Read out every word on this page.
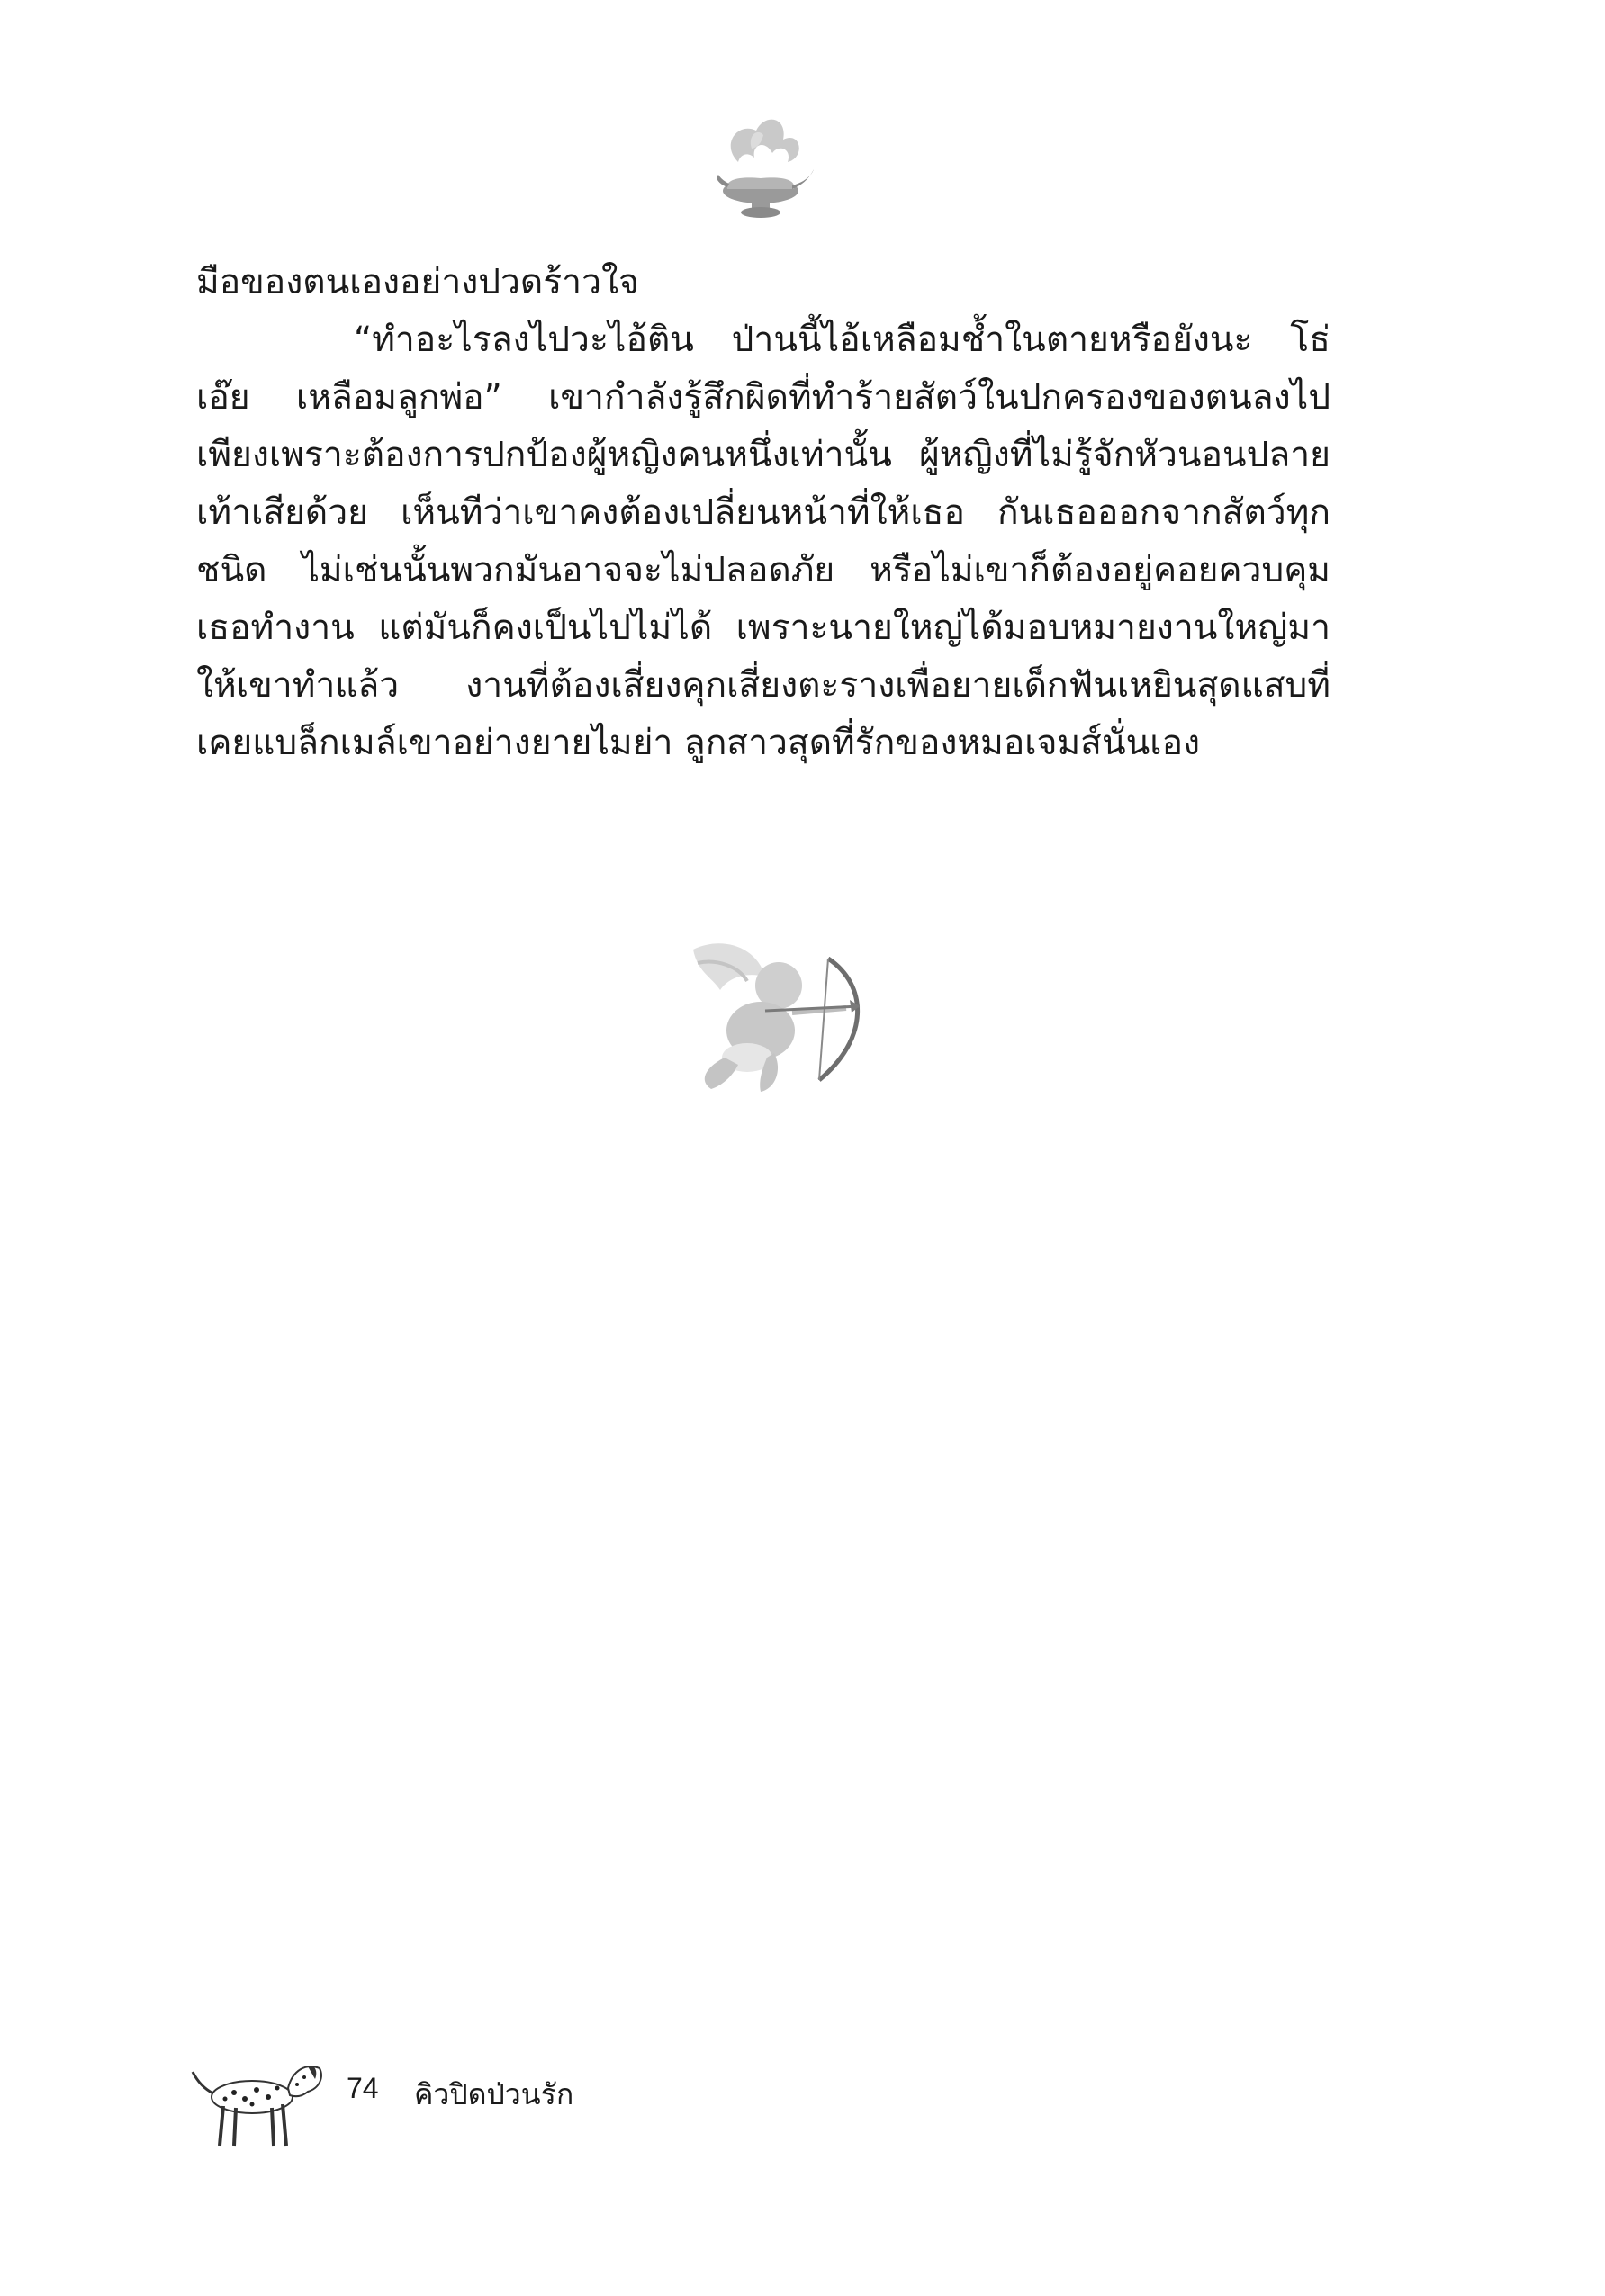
มือของตนเองอย่างปวดร้าวใจ

“ทำอะไรลงไปวะไอ้ติน ป่านนี้ไอ้เหลือมช้ำในตายหรือยังนะ โธ่เอ๊ย เหลือมลูกพ่อ” เขากำลังรู้สึกผิดที่ทำร้ายสัตว์ในปกครองของตนลงไป เพียงเพราะต้องการปกป้องผู้หญิงคนหนึ่งเท่านั้น ผู้หญิงที่ไม่รู้จักหัวนอนปลายเท้าเสียด้วย เห็นทีว่าเขาคงต้องเปลี่ยนหน้าที่ให้เธอ กันเธอออกจากสัตว์ทุกชนิด ไม่เช่นนั้นพวกมันอาจจะไม่ปลอดภัย หรือไม่เขาก็ต้องอยู่คอยควบคุมเธอทำงาน แต่มันก็คงเป็นไปไม่ได้ เพราะนายใหญ่ได้มอบหมายงานใหญ่มาให้เขาทำแล้ว งานที่ต้องเสี่ยงคุกเสี่ยงตะรางเพื่อยายเด็กฟันเหยินสุดแสบที่เคยแบล็กเมล์เขาอย่างยายไมย่า ลูกสาวสุดที่รักของหมอเจมส์นั่นเอง

74 คิวปิดป่วนรัก
